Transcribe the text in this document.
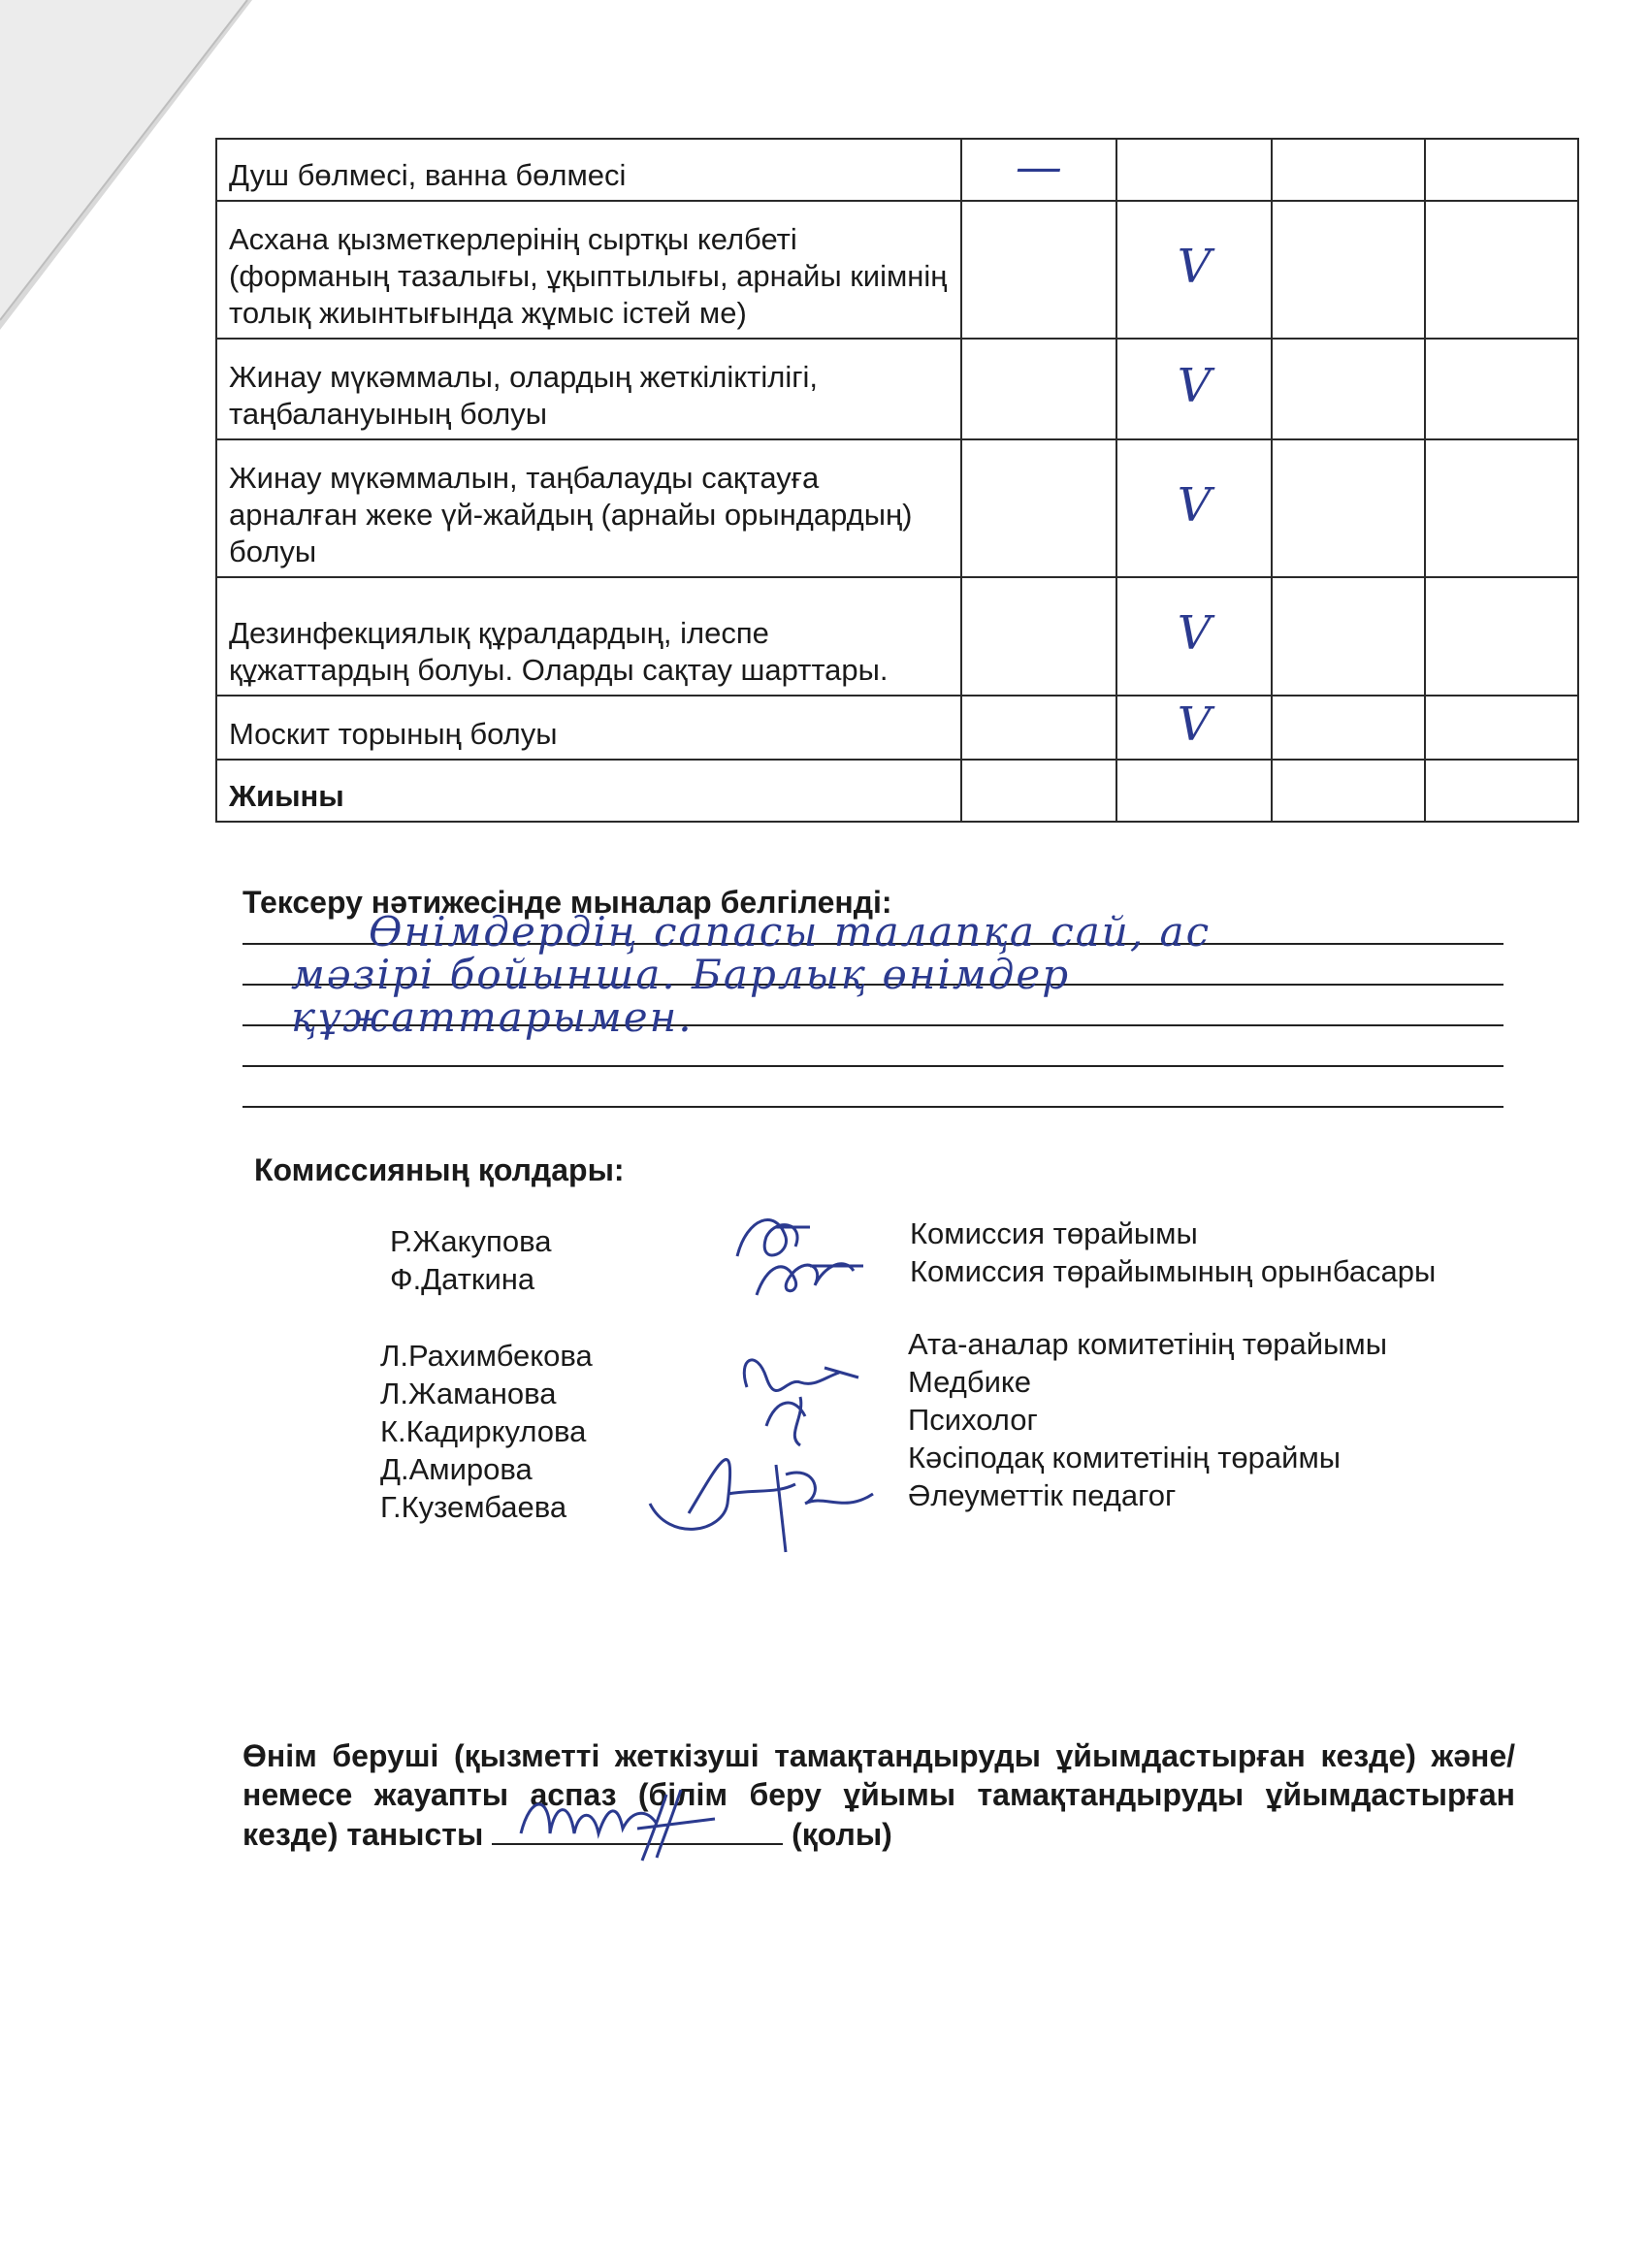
Душ бөлмесі, ванна бөлмесі	—			
Асхана қызметкерлерінің сыртқы келбеті (форманың тазалығы, ұқыптылығы, арнайы киімнің толық жиынтығында жұмыс істей ме)		V		
Жинау мүкәммалы, олардың жеткіліктілігі, таңбалануының болуы		V		
Жинау мүкәммалын, таңбалауды сақтауға арналған жеке үй-жайдың (арнайы орындардың) болуы		V		
Дезинфекциялық құралдардың, ілеспе құжаттардың болуы. Оларды сақтау шарттары.		V		
Москит торының болуы		V		
Жиыны				
Тексеру нәтижесінде мыналар белгіленді:
Өнімдердің сапасы талапқа сай, ас
мәзірі бойынша. Барлық өнімдер
құжаттарымен.
Комиссияның қолдары:
Р.Жакупова
Ф.Даткина
Комиссия төрайымы
Комиссия төрайымының орынбасары
Л.Рахимбекова
Л.Жаманова
К.Кадиркулова
Д.Амирова
Г.Кузембаева
Ата-аналар комитетінің төрайымы
Медбике
Психолог
Кәсіподақ комитетінің төраймы
Әлеуметтік педагог
Өнім беруші (қызметті жеткізуші тамақтандыруды ұйымдастырған кезде) және/немесе жауапты аспаз (білім беру ұйымы тамақтандыруды ұйымдастырған кезде) танысты	(қолы)
